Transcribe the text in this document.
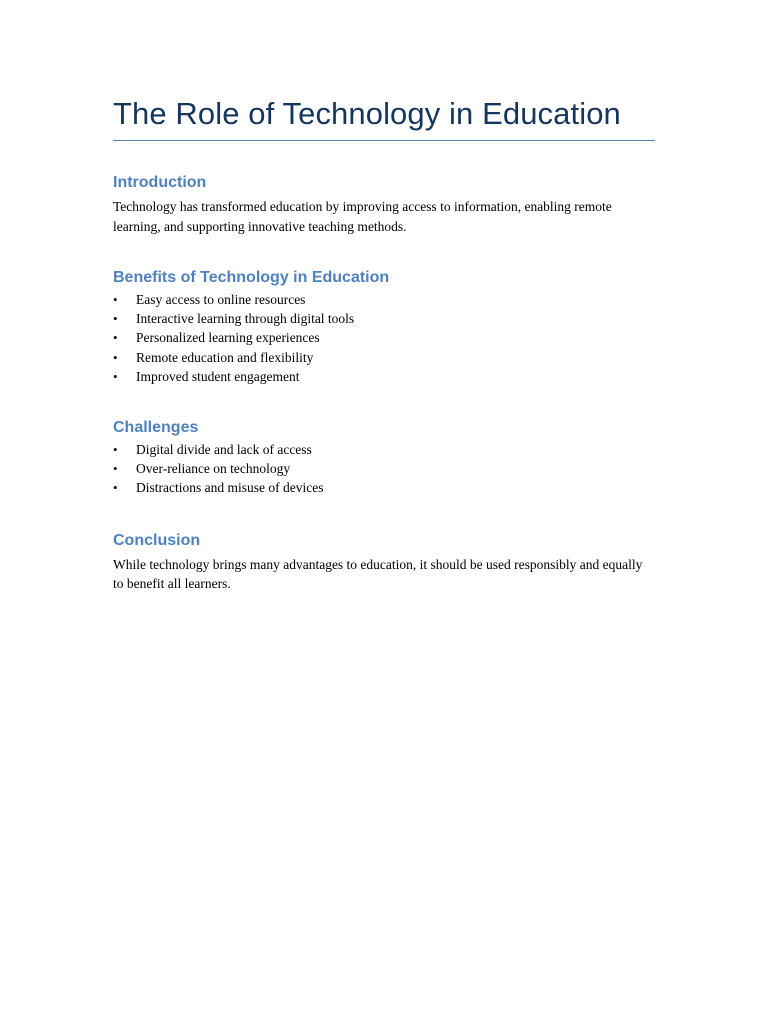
The Role of Technology in Education
Introduction

Technology has transformed education by improving access to information, enabling remote learning, and supporting innovative teaching methods.

Benefits of Technology in Education
• Easy access to online resources
• Interactive learning through digital tools
• Personalized learning experiences
• Remote education and flexibility
• Improved student engagement
Challenges
• Digital divide and lack of access
• Over-reliance on technology
• Distractions and misuse of devices
Conclusion

While technology brings many advantages to education, it should be used responsibly and equally to benefit all learners.
